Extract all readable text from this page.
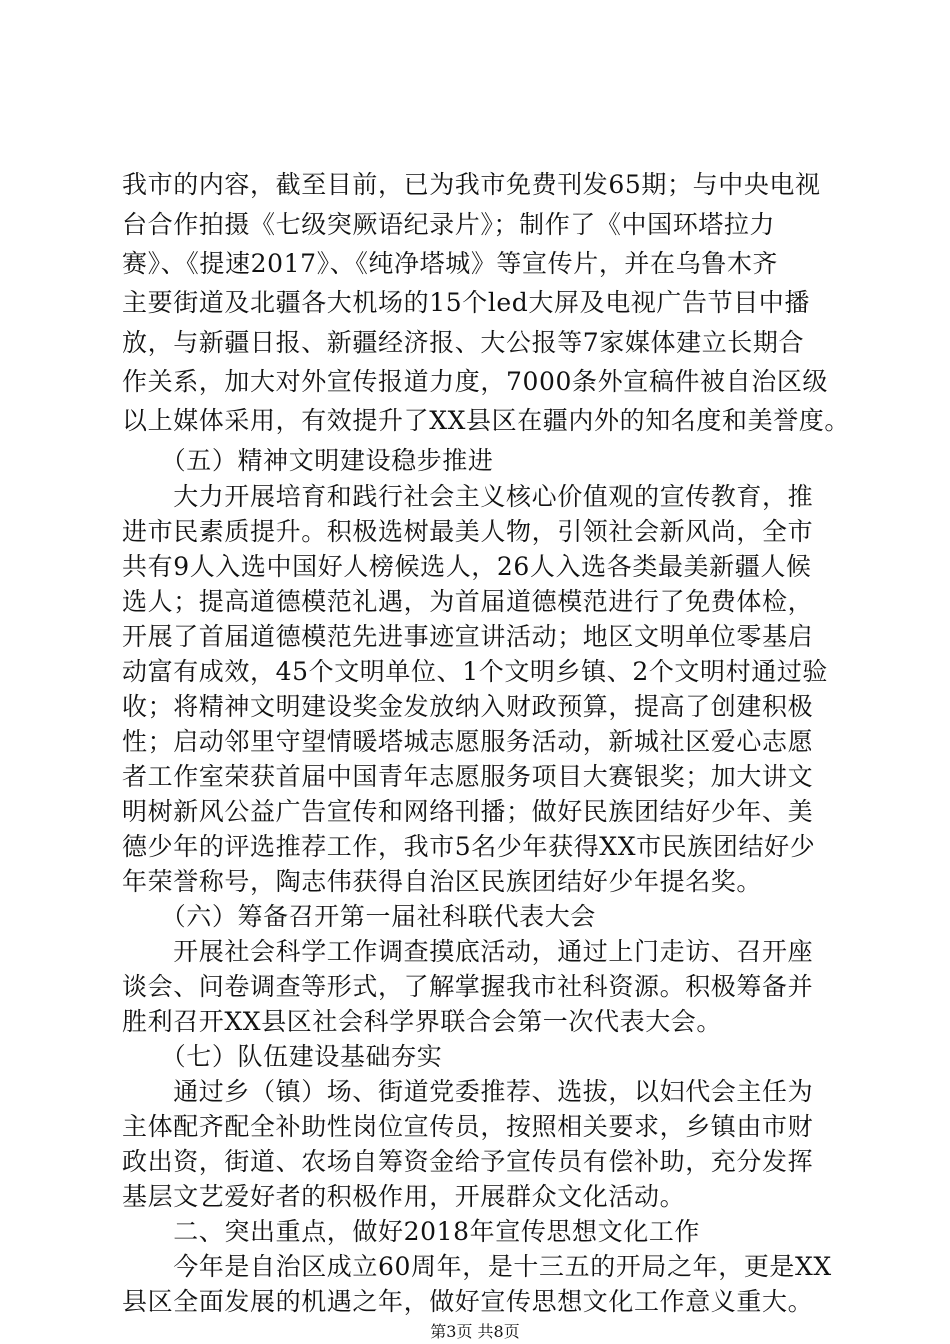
我市的内容，截至目前，已为我市免费刊发65期；与中央电视
台合作拍摄《七级突厥语纪录片》；制作了《中国环塔拉力
赛》、《提速2017》、《纯净塔城》等宣传片，并在乌鲁木齐
主要街道及北疆各大机场的15个led大屏及电视广告节目中播
放，与新疆日报、新疆经济报、大公报等7家媒体建立长期合
作关系，加大对外宣传报道力度，7000条外宣稿件被自治区级
以上媒体采用，有效提升了XX县区在疆内外的知名度和美誉度。
　　（五）精神文明建设稳步推进
　　大力开展培育和践行社会主义核心价值观的宣传教育，推
进市民素质提升。积极选树最美人物，引领社会新风尚，全市
共有9人入选中国好人榜候选人，26人入选各类最美新疆人候
选人；提高道德模范礼遇，为首届道德模范进行了免费体检，
开展了首届道德模范先进事迹宣讲活动；地区文明单位零基启
动富有成效，45个文明单位、1个文明乡镇、2个文明村通过验
收；将精神文明建设奖金发放纳入财政预算，提高了创建积极
性；启动邻里守望情暖塔城志愿服务活动，新城社区爱心志愿
者工作室荣获首届中国青年志愿服务项目大赛银奖；加大讲文
明树新风公益广告宣传和网络刊播；做好民族团结好少年、美
德少年的评选推荐工作，我市5名少年获得XX市民族团结好少
年荣誉称号，陶志伟获得自治区民族团结好少年提名奖。
　　（六）筹备召开第一届社科联代表大会
　　开展社会科学工作调查摸底活动，通过上门走访、召开座
谈会、问卷调查等形式，了解掌握我市社科资源。积极筹备并
胜利召开XX县区社会科学界联合会第一次代表大会。
　　（七）队伍建设基础夯实
　　通过乡（镇）场、街道党委推荐、选拔，以妇代会主任为
主体配齐配全补助性岗位宣传员，按照相关要求，乡镇由市财
政出资，街道、农场自筹资金给予宣传员有偿补助，充分发挥
基层文艺爱好者的积极作用，开展群众文化活动。
　　二、突出重点，做好2018年宣传思想文化工作
　　今年是自治区成立60周年，是十三五的开局之年，更是XX
县区全面发展的机遇之年，做好宣传思想文化工作意义重大。
第3页 共8页
